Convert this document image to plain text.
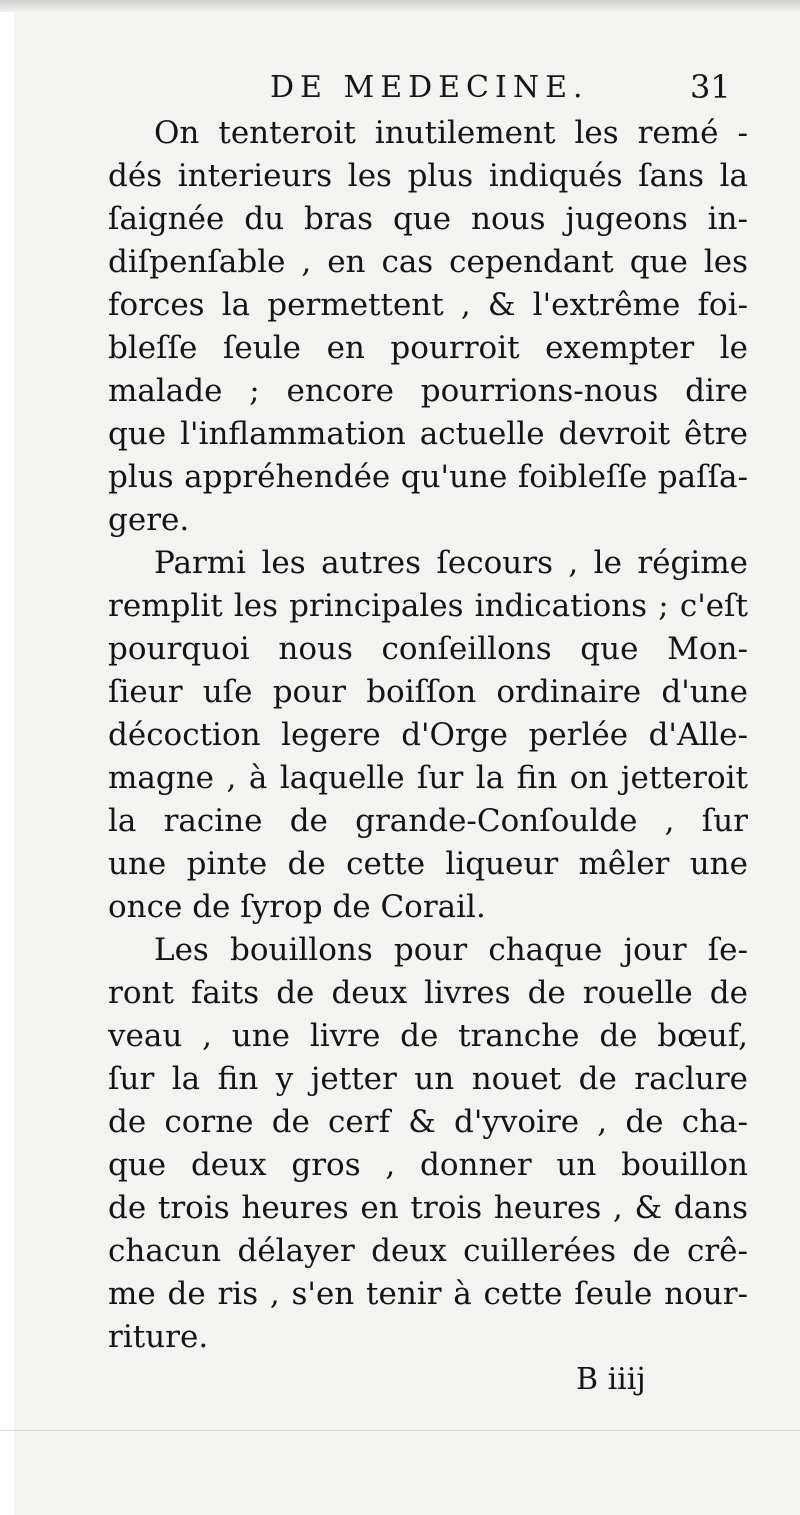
DE MEDECINE.	31
On tenteroit inutilement les remé -
dés interieurs les plus indiqués ſans la
ſaignée du bras que nous jugeons in-
diſpenſable , en cas cependant que les
forces la permettent , & l'extrême foi-
bleſſe ſeule en pourroit exempter le
malade ; encore pourrions-nous dire
que l'inflammation actuelle devroit être
plus appréhendée qu'une foibleſſe paſſa-
gere.
Parmi les autres ſecours , le régime
remplit les principales indications ; c'eſt
pourquoi nous conſeillons que Mon-
ſieur uſe pour boiſſon ordinaire d'une
décoction legere d'Orge perlée d'Alle-
magne , à laquelle ſur la fin on jetteroit
la racine de grande-Conſoulde , ſur
une pinte de cette liqueur mêler une
once de ſyrop de Corail.
Les bouillons pour chaque jour ſe-
ront faits de deux livres de rouelle de
veau , une livre de tranche de bœuf,
ſur la fin y jetter un nouet de raclure
de corne de cerf & d'yvoire , de cha-
que deux gros , donner un bouillon
de trois heures en trois heures , & dans
chacun délayer deux cuillerées de crê-
me de ris , s'en tenir à cette ſeule nour-
riture.
B iiij
